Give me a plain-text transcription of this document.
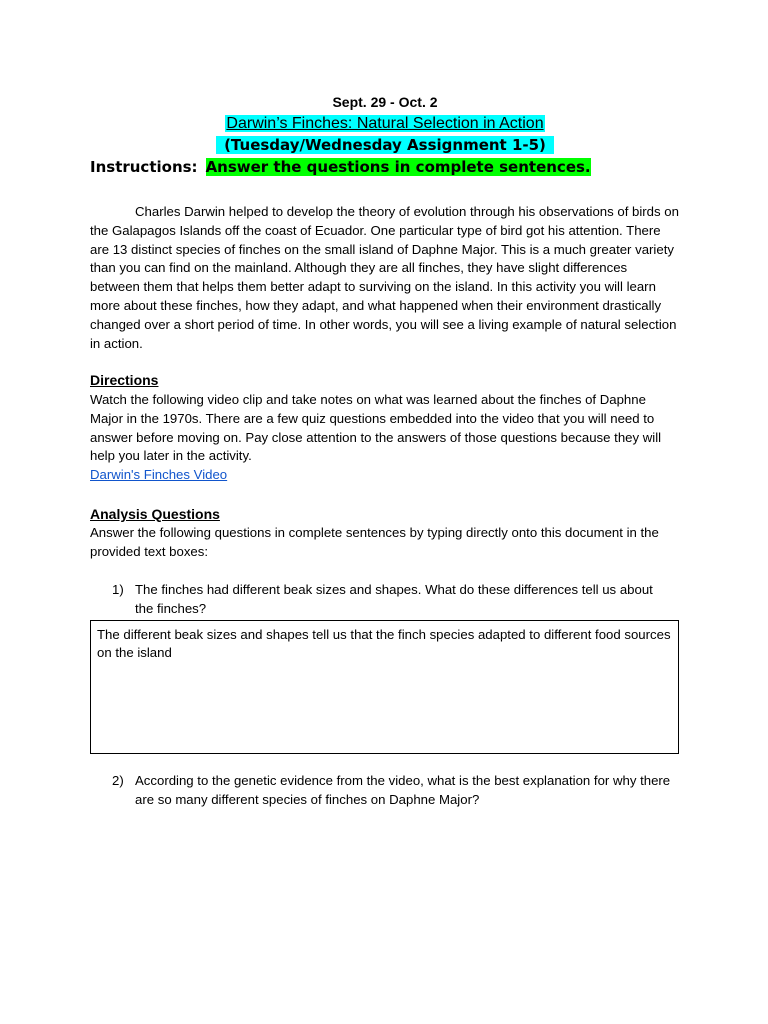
Sept. 29 - Oct. 2
Darwin’s Finches: Natural Selection in Action
(Tuesday/Wednesday Assignment 1-5)
Instructions: Answer the questions in complete sentences.

Charles Darwin helped to develop the theory of evolution through his observations of birds on the Galapagos Islands off the coast of Ecuador. One particular type of bird got his attention. There are 13 distinct species of finches on the small island of Daphne Major. This is a much greater variety than you can find on the mainland. Although they are all finches, they have slight differences between them that helps them better adapt to surviving on the island. In this activity you will learn more about these finches, how they adapt, and what happened when their environment drastically changed over a short period of time. In other words, you will see a living example of natural selection in action.

Directions

Watch the following video clip and take notes on what was learned about the finches of Daphne Major in the 1970s. There are a few quiz questions embedded into the video that you will need to answer before moving on. Pay close attention to the answers of those questions because they will help you later in the activity.

Darwin's Finches Video
Analysis Questions

Answer the following questions in complete sentences by typing directly onto this document in the provided text boxes:

1) The finches had different beak sizes and shapes. What do these differences tell us about the finches?
The different beak sizes and shapes tell us that the finch species adapted to different food sources on the island
2) According to the genetic evidence from the video, what is the best explanation for why there are so many different species of finches on Daphne Major?
